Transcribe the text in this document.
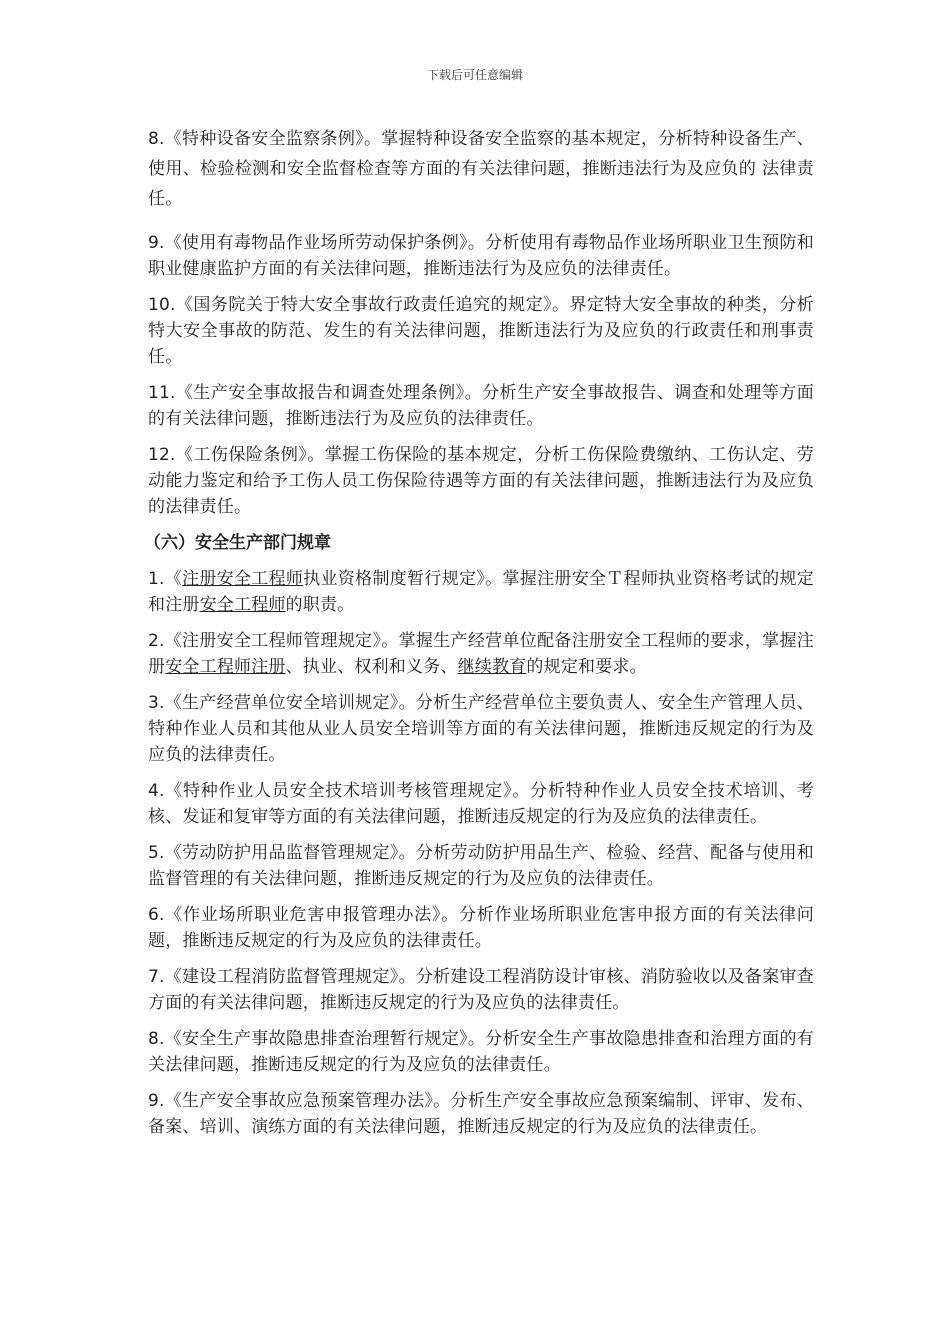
下载后可任意编辑

8.《特种设备安全监察条例》。掌握特种设备安全监察的基本规定，分析特种设备生产、使用、检验检测和安全监督检查等方面的有关法律问题，推断违法行为及应负的 法律责任。

9.《使用有毒物品作业场所劳动保护条例》。分析使用有毒物品作业场所职业卫生预防和职业健康监护方面的有关法律问题，推断违法行为及应负的法律责任。

10.《国务院关于特大安全事故行政责任追究的规定》。界定特大安全事故的种类，分析特大安全事故的防范、发生的有关法律问题，推断违法行为及应负的行政责任和刑事责任。

11.《生产安全事故报告和调查处理条例》。分析生产安全事故报告、调查和处理等方面的有关法律问题，推断违法行为及应负的法律责任。

12.《工伤保险条例》。掌握工伤保险的基本规定，分析工伤保险费缴纳、工伤认定、劳动能力鉴定和给予工伤人员工伤保险待遇等方面的有关法律问题，推断违法行为及应负的法律责任。

（六）安全生产部门规章

1.《注册安全工程师执业资格制度暂行规定》。掌握注册安全Ｔ程师执业资格考试的规定和注册安全工程师的职责。

2.《注册安全工程师管理规定》。掌握生产经营单位配备注册安全工程师的要求，掌握注册安全工程师注册、执业、权利和义务、继续教育的规定和要求。

3.《生产经营单位安全培训规定》。分析生产经营单位主要负责人、安全生产管理人员、特种作业人员和其他从业人员安全培训等方面的有关法律问题，推断违反规定的行为及应负的法律责任。

4.《特种作业人员安全技术培训考核管理规定》。分析特种作业人员安全技术培训、考核、发证和复审等方面的有关法律问题，推断违反规定的行为及应负的法律责任。

5.《劳动防护用品监督管理规定》。分析劳动防护用品生产、检验、经营、配备与使用和监督管理的有关法律问题，推断违反规定的行为及应负的法律责任。

6.《作业场所职业危害申报管理办法》。分析作业场所职业危害申报方面的有关法律问题，推断违反规定的行为及应负的法律责任。

7.《建设工程消防监督管理规定》。分析建设工程消防设计审核、消防验收以及备案审查方面的有关法律问题，推断违反规定的行为及应负的法律责任。

8.《安全生产事故隐患排查治理暂行规定》。分析安全生产事故隐患排查和治理方面的有关法律问题，推断违反规定的行为及应负的法律责任。

9.《生产安全事故应急预案管理办法》。分析生产安全事故应急预案编制、评审、发布、备案、培训、演练方面的有关法律问题，推断违反规定的行为及应负的法律责任。
